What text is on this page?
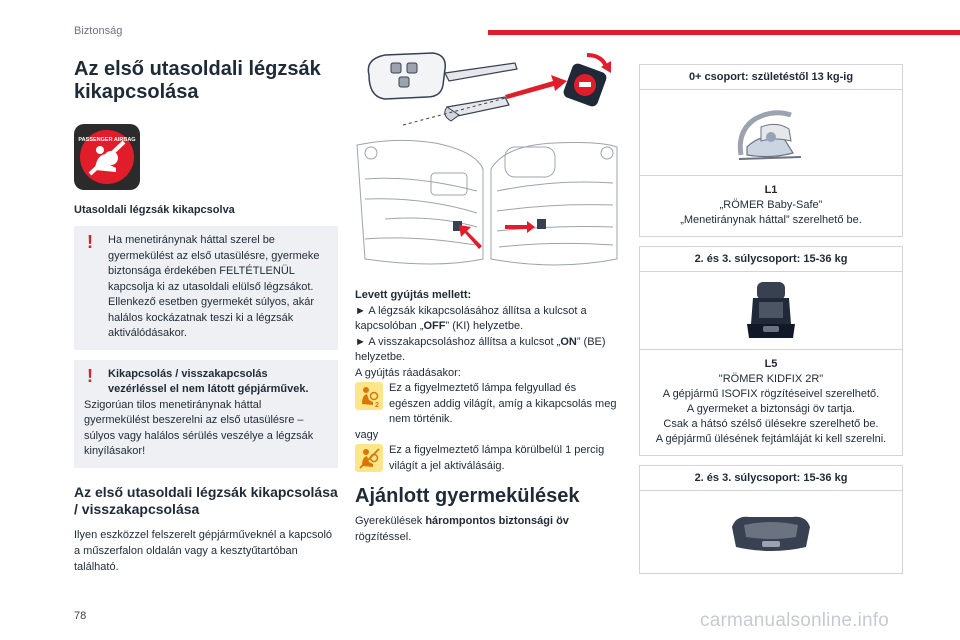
Biztonság
Az első utasoldali légzsák kikapcsolása
PASSENGER AIRBAG
Utasoldali légzsák kikapcsolva
!	Ha menetiránynak háttal szerel be gyermekülést az első utasülésre, gyermeke biztonsága érdekében FELTÉTLENÜL kapcsolja ki az utasoldali elülső légzsákot. Ellenkező esetben gyermekét súlyos, akár halálos kockázatnak teszi ki a légzsák aktiválódásakor.
!	Kikapcsolás / visszakapcsolás vezérléssel el nem látott gépjárművek.
Szigorúan tilos menetiránynak háttal gyermekülést beszerelni az első utasülésre – súlyos vagy halálos sérülés veszélye a légzsák kinyílásakor!
Az első utasoldali légzsák kikapcsolása / visszakapcsolása
Ilyen eszközzel felszerelt gépjárműveknél a kapcsoló a műszerfalon oldalán vagy a kesztyűtartóban található.
Levett gyújtás mellett:
► A légzsák kikapcsolásához állítsa a kulcsot a kapcsolóban „OFF” (KI) helyzetbe.
► A visszakapcsoláshoz állítsa a kulcsot „ON” (BE) helyzetbe.
A gyújtás ráadásakor:
2
Ez a figyelmeztető lámpa felgyullad és egészen addig világít, amíg a kikapcsolás meg nem történik.
vagy
Ez a figyelmeztető lámpa körülbelül 1 percig világít a jel aktiválásáig.
Ajánlott gyermekülések
Gyerekülések hárompontos biztonsági öv rögzítéssel.
0+ csoport: születéstől 13 kg-ig
L1
„RÖMER Baby-Safe”
„Menetiránynak háttal” szerelhető be.
2. és 3. súlycsoport: 15-36 kg
L5
"RÖMER KIDFIX 2R"
A gépjármű ISOFIX rögzítéseivel szerelhető.
A gyermeket a biztonsági öv tartja.
Csak a hátsó szélső ülésekre szerelhető be.
A gépjármű ülésének fejtámláját ki kell szerelni.
2. és 3. súlycsoport: 15-36 kg
78	carmanualsonline.info
